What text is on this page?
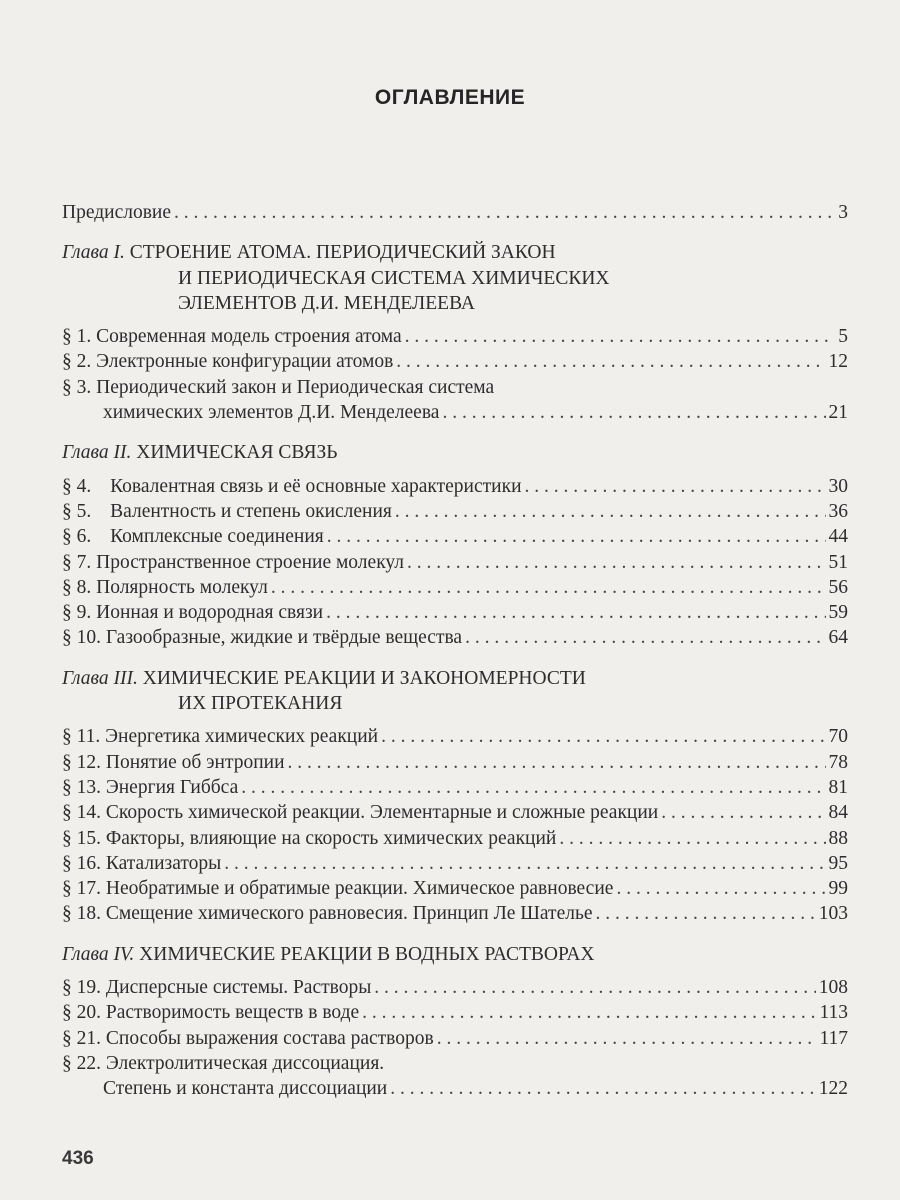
ОГЛАВЛЕНИЕ
Предисловие . . .	3
Глава I.
СТРОЕНИЕ АТОМА. ПЕРИОДИЧЕСКИЙ ЗАКОН
И ПЕРИОДИЧЕСКАЯ СИСТЕМА ХИМИЧЕСКИХ
ЭЛЕМЕНТОВ Д.И. МЕНДЕЛЕЕВА
§ 1. Современная модель строения атома . . .	5
§ 2. Электронные конфигурации атомов . . .	12
§ 3. Периодический закон и Периодическая система
химических элементов Д.И. Менделеева . . .	21
Глава II.
ХИМИЧЕСКАЯ СВЯЗЬ
§ 4. Ковалентная связь и её основные характеристики . . .	30
§ 5. Валентность и степень окисления . . .	36
§ 6. Комплексные соединения . . .	44
§ 7. Пространственное строение молекул . . .	51
§ 8. Полярность молекул . . .	56
§ 9. Ионная и водородная связи . . .	59
§ 10. Газообразные, жидкие и твёрдые вещества . . .	64
Глава III.
ХИМИЧЕСКИЕ РЕАКЦИИ И ЗАКОНОМЕРНОСТИ
ИХ ПРОТЕКАНИЯ
§ 11. Энергетика химических реакций . . .	70
§ 12. Понятие об энтропии . . .	78
§ 13. Энергия Гиббса . . .	81
§ 14. Скорость химической реакции. Элементарные и сложные реакции . . .	84
§ 15. Факторы, влияющие на скорость химических реакций . . .	88
§ 16. Катализаторы . . .	95
§ 17. Необратимые и обратимые реакции. Химическое равновесие . . .	99
§ 18. Смещение химического равновесия. Принцип Ле Шателье . . .	103
Глава IV.
ХИМИЧЕСКИЕ РЕАКЦИИ В ВОДНЫХ РАСТВОРАХ
§ 19. Дисперсные системы. Растворы . . .	108
§ 20. Растворимость веществ в воде . . .	113
§ 21. Способы выражения состава растворов . . .	117
§ 22. Электролитическая диссоциация.
Степень и константа диссоциации . . .	122
436
